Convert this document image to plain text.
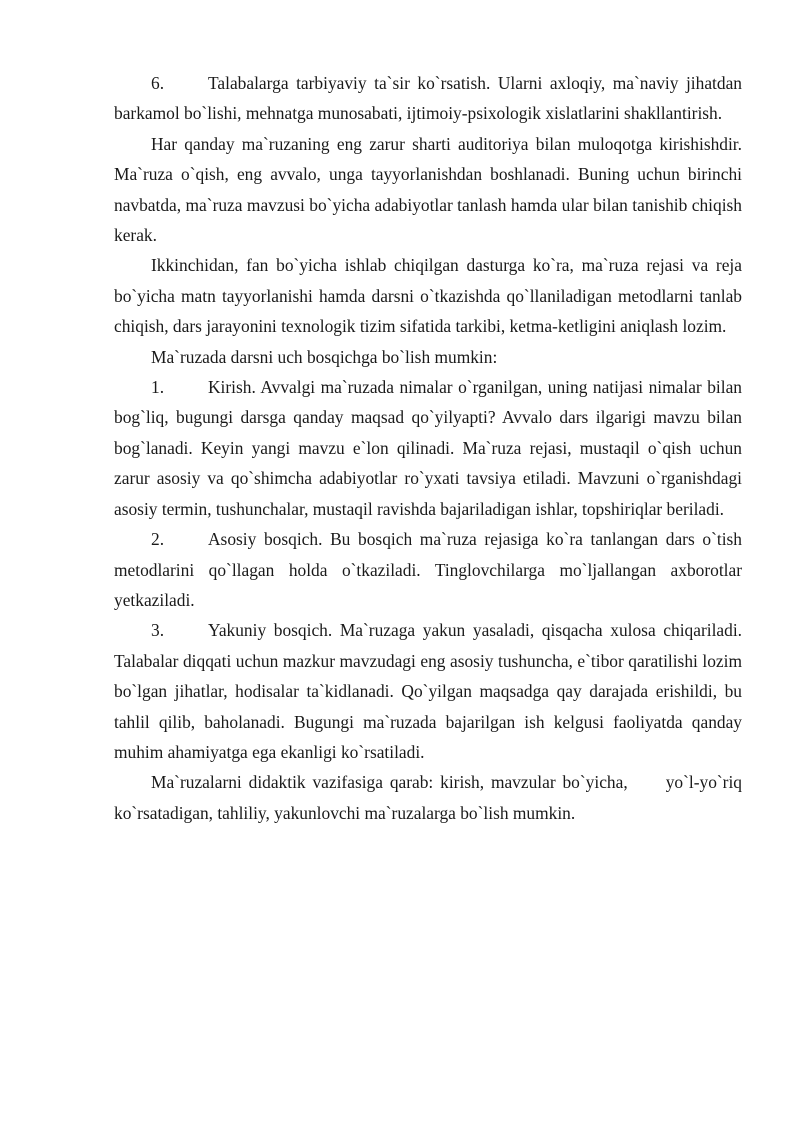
6.	Talabalarga tarbiyaviy ta`sir ko`rsatish. Ularni axloqiy, ma`naviy jihatdan barkamol bo`lishi, mehnatga munosabati, ijtimoiy-psixologik xislatlarini shakllantirish.

Har qanday ma`ruzaning eng zarur sharti auditoriya bilan muloqotga kirishishdir. Ma`ruza o`qish, eng avvalo, unga tayyorlanishdan boshlanadi. Buning uchun birinchi navbatda, ma`ruza mavzusi bo`yicha adabiyotlar tanlash hamda ular bilan tanishib chiqish kerak.

Ikkinchidan, fan bo`yicha ishlab chiqilgan dasturga ko`ra, ma`ruza rejasi va reja bo`yicha matn tayyorlanishi hamda darsni o`tkazishda qo`llaniladigan metodlarni tanlab chiqish, dars jarayonini texnologik tizim sifatida tarkibi, ketma-ketligini aniqlash lozim.

Ma`ruzada darsni uch bosqichga bo`lish mumkin:

1.	Kirish. Avvalgi ma`ruzada nimalar o`rganilgan, uning natijasi nimalar bilan bog`liq, bugungi darsga qanday maqsad qo`yilyapti? Avvalo dars ilgarigi mavzu bilan bog`lanadi. Keyin yangi mavzu e`lon qilinadi. Ma`ruza rejasi, mustaqil o`qish uchun zarur asosiy va qo`shimcha adabiyotlar ro`yxati tavsiya etiladi. Mavzuni o`rganishdagi asosiy termin, tushunchalar, mustaqil ravishda bajariladigan ishlar, topshiriqlar beriladi.

2.	Asosiy bosqich. Bu bosqich ma`ruza rejasiga ko`ra tanlangan dars o`tish metodlarini qo`llagan holda o`tkaziladi. Tinglovchilarga mo`ljallangan axborotlar yetkaziladi.

3.	Yakuniy bosqich. Ma`ruzaga yakun yasaladi, qisqacha xulosa chiqariladi. Talabalar diqqati uchun mazkur mavzudagi eng asosiy tushuncha, e`tibor qaratilishi lozim bo`lgan jihatlar, hodisalar ta`kidlanadi. Qo`yilgan maqsadga qay darajada erishildi, bu tahlil qilib, baholanadi. Bugungi ma`ruzada bajarilgan ish kelgusi faoliyatda qanday muhim ahamiyatga ega ekanligi ko`rsatiladi.

Ma`ruzalarni didaktik vazifasiga qarab: kirish, mavzular bo`yicha, yo`l-yo`riq ko`rsatadigan, tahliliy, yakunlovchi ma`ruzalarga bo`lish mumkin.
